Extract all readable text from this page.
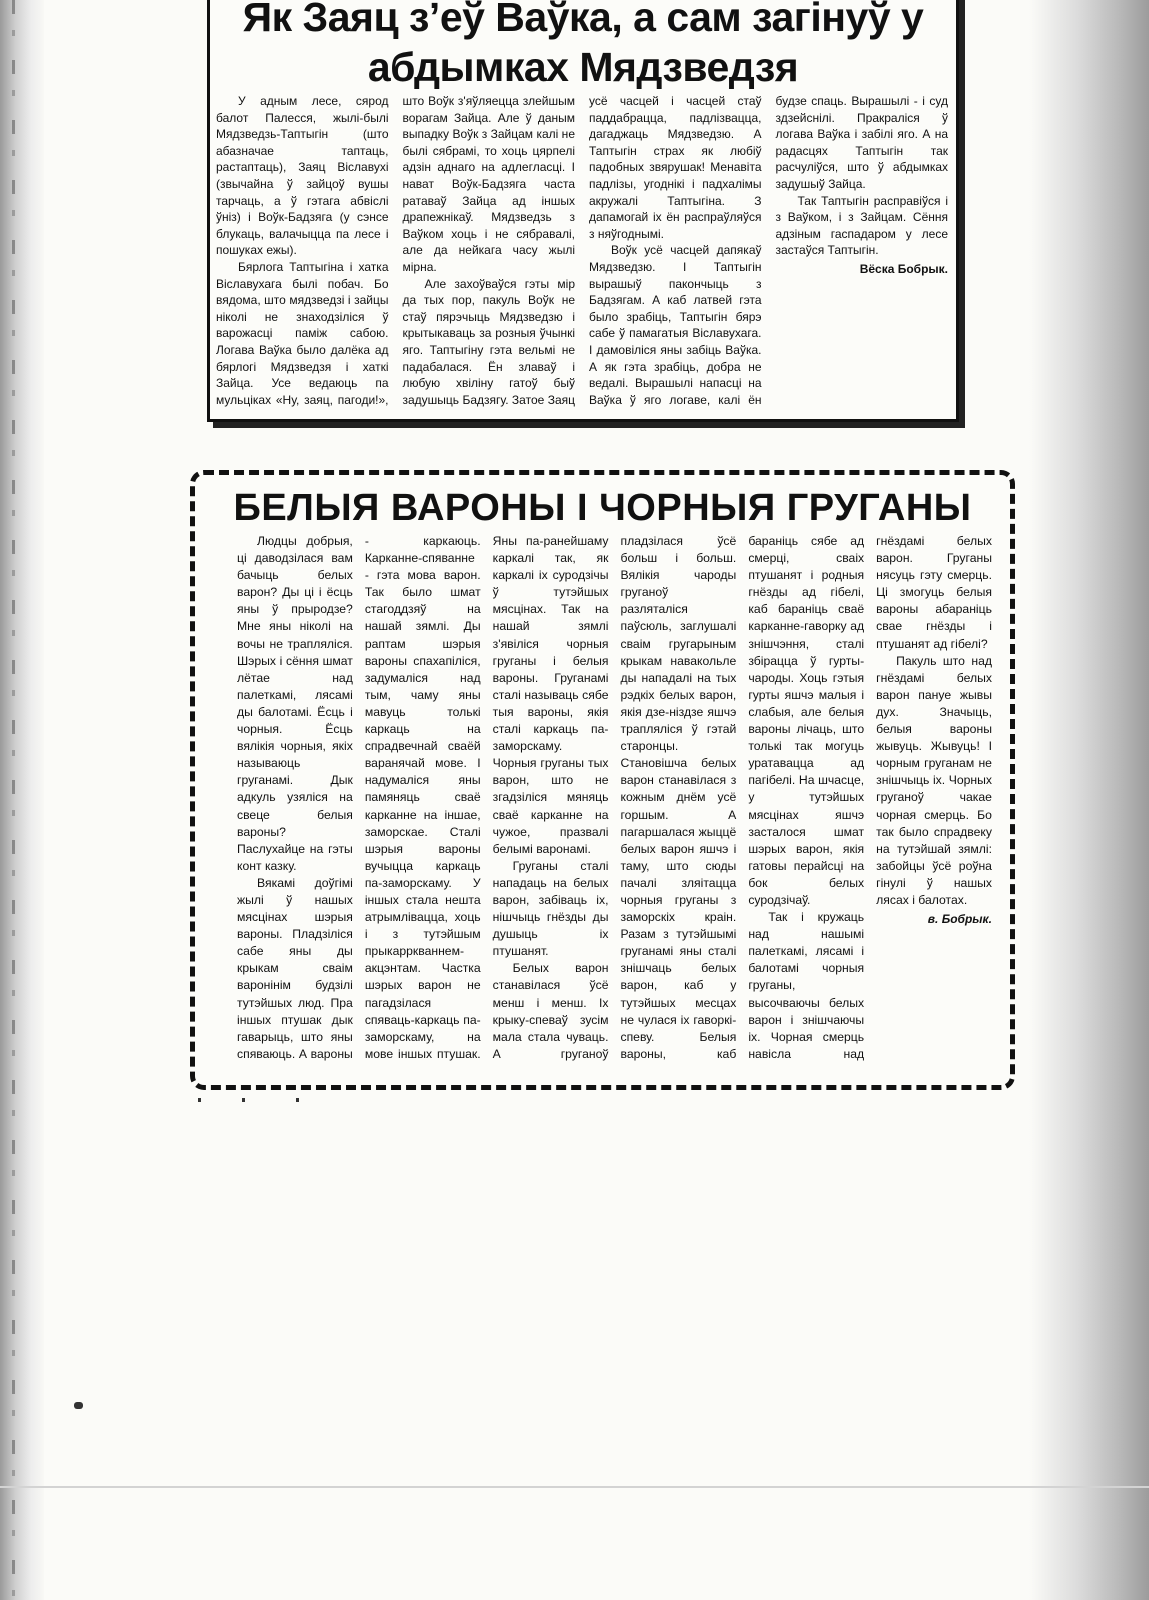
Як Заяц з’еў Ваўка, а сам загінуў у абдымках Мядзведзя

У адным лесе, сярод балот Палесся, жылі-былі Мядзведзь-Таптыгін (што абазначае таптаць, растаптаць), Заяц Віславухі (звычайна ў зайцоў вушы тарчаць, а ў гэтага абвіслі ўніз) і Воўк-Бадзяга (у сэнсе блукаць, валачыцца па лесе і пошуках ежы).

Бярлога Таптыгіна і хатка Віславухага былі побач. Бо вядома, што мядзведзі і зайцы ніколі не знаходзіліся ў варожасці паміж сабою. Логава Ваўка было далёка ад бярлогі Мядзведзя і хаткі Зайца. Усе ведаюць па мульціках «Ну, заяц, пагоди!», што Воўк з'яўляецца злейшым ворагам Зайца. Але ў даным выпадку Воўк з Зайцам калі не былі сябрамі, то хоць цярпелі адзін аднаго на адлегласці. І нават Воўк-Бадзяга часта ратаваў Зайца ад іншых драпежнікаў. Мядзведзь з Ваўком хоць і не сябравалі, але да нейкага часу жылі мірна.

Але захоўваўся гэты мір да тых пор, пакуль Воўк не стаў пярэчыць Мядзведзю і крытыкаваць за розныя ўчынкі яго. Таптыгіну гэта вельмі не падабалася. Ён злаваў і любую хвіліну гатоў быў задушыць Бадзягу. Затое Заяц усё часцей і часцей стаў паддабрацца, падлізвацца, дагаджаць Мядзведзю. А Таптыгін страх як любіў падобных звярушак! Менавіта падлізы, угоднікі і падхалімы акружалі Таптыгіна. З дапамогай іх ён распраўляўся з няўгоднымі.

Воўк усё часцей дапякаў Мядзведзю. І Таптыгін вырашыў пакончыць з Бадзягам. А каб латвей гэта было зрабіць, Таптыгін бярэ сабе ў памагатыя Віславухага. І дамовіліся яны забіць Ваўка. А як гэта зрабіць, добра не ведалі. Вырашылі напасці на Ваўка ў яго логаве, калі ён будзе спаць. Вырашылі - і суд здзейснілі. Пракраліся ў логава Ваўка і забілі яго. А на радасцях Таптыгін так расчуліўся, што ў абдымках задушыў Зайца.

Так Таптыгін расправіўся і з Ваўком, і з Зайцам. Сёння адзіным гаспадаром у лесе застаўся Таптыгін.

Вёска Бобрык.
БЕЛЫЯ ВАРОНЫ І ЧОРНЫЯ ГРУГАНЫ

Людцы добрыя, ці даводзілася вам бачыць белых варон? Ды ці і ёсць яны ў прыродзе? Мне яны ніколі на вочы не трапляліся. Шэрых і сёння шмат лётае над палеткамі, лясамі ды балотамі. Ёсць і чорныя. Ёсць вялікія чорныя, якіх называюць груганамі. Дык адкуль узяліся на свеце белыя вароны? Паслухайце на гэты конт казку.

Вякамі доўгімі жылі ў нашых мясцінах шэрыя вароны. Пладзіліся сабе яны ды крыкам сваім варонінім будзілі тутэйшых люд. Пра іншых птушак дык гаварыць, што яны спяваюць. А вароны - каркаюць. Карканне-спяванне - гэта мова варон. Так было шмат стагоддзяў на нашай зямлі. Ды раптам шэрыя вароны спахапіліся, задумаліся над тым, чаму яны мавуць толькі каркаць на спрадвечнай сваёй варанячай мове. І надумаліся яны памяняць сваё карканне на іншае, заморскае. Сталі шэрыя вароны вучыцца каркаць па-заморскаму. У іншых стала нешта атрымлівацца, хоць і з тутэйшым прыкарркваннем-акцэнтам. Частка шэрых варон не пагадзілася спяваць-каркаць па-заморскаму, на мове іншых птушак. Яны па-ранейшаму каркалі так, як каркалі іх суродзічы ў тутэйшых мясцінах. Так на нашай зямлі з'явіліся чорныя груганы і белыя вароны. Груганамі сталі называць сябе тыя вароны, якія сталі каркаць па-заморскаму. Чорныя груганы тых варон, што не згадзіліся мяняць сваё карканне на чужое, празвалі белымі варонамі.

Груганы сталі нападаць на белых варон, забіваць іх, нішчыць гнёзды ды душыць іх птушанят.

Белых варон станавілася ўсё менш і менш. Іх крыку-спеваў зусім мала стала чуваць. А груганоў пладзілася ўсё больш і больш. Вялікія чароды груганоў разляталіся паўсюль, заглушалі сваім гругарыным крыкам навакольле ды нападалі на тых рэдкіх белых варон, якія дзе-ніздзе яшчэ трапляліся ў гэтай старонцы. Становішча белых варон станавілася з кожным днём усё горшым. А пагаршалася жыццё белых варон яшчэ і таму, што сюды пачалі зляітацца чорныя груганы з заморскіх краін. Разам з тутэйшымі груганамі яны сталі знішчаць белых варон, каб у тутэйшых месцах не чулася іх гаворкі-спеву. Белыя вароны, каб бараніць сябе ад смерці, сваіх птушанят і родныя гнёзды ад гібелі, каб бараніць сваё карканне-гаворку ад знішчэння, сталі збірацца ў гурты-чароды. Хоць гэтыя гурты яшчэ малыя і слабыя, але белыя вароны лічаць, што толькі так могуць уратавацца ад пагібелі. На шчасце, у тутэйшых мясцінах яшчэ засталося шмат шэрых варон, якія гатовы перайсці на бок белых суродзічаў.

Так і кружаць над нашымі палеткамі, лясамі і балотамі чорныя груганы, высочваючы белых варон і знішчаючы іх. Чорная смерць навісла над гнёздамі белых варон. Груганы нясуць гэту смерць. Ці змогуць белыя вароны абараніць свае гнёзды і птушанят ад гібелі?

Пакуль што над гнёздамі белых варон пануе жывы дух. Значыць, белыя вароны жывуць. Жывуць! І чорным груганам не знішчыць іх. Чорных груганоў чакае чорная смерць. Бо так было спрадвеку на тутэйшай зямлі: забойцы ўсё роўна гінулі ў нашых лясах і балотах.

в. Бобрык.
